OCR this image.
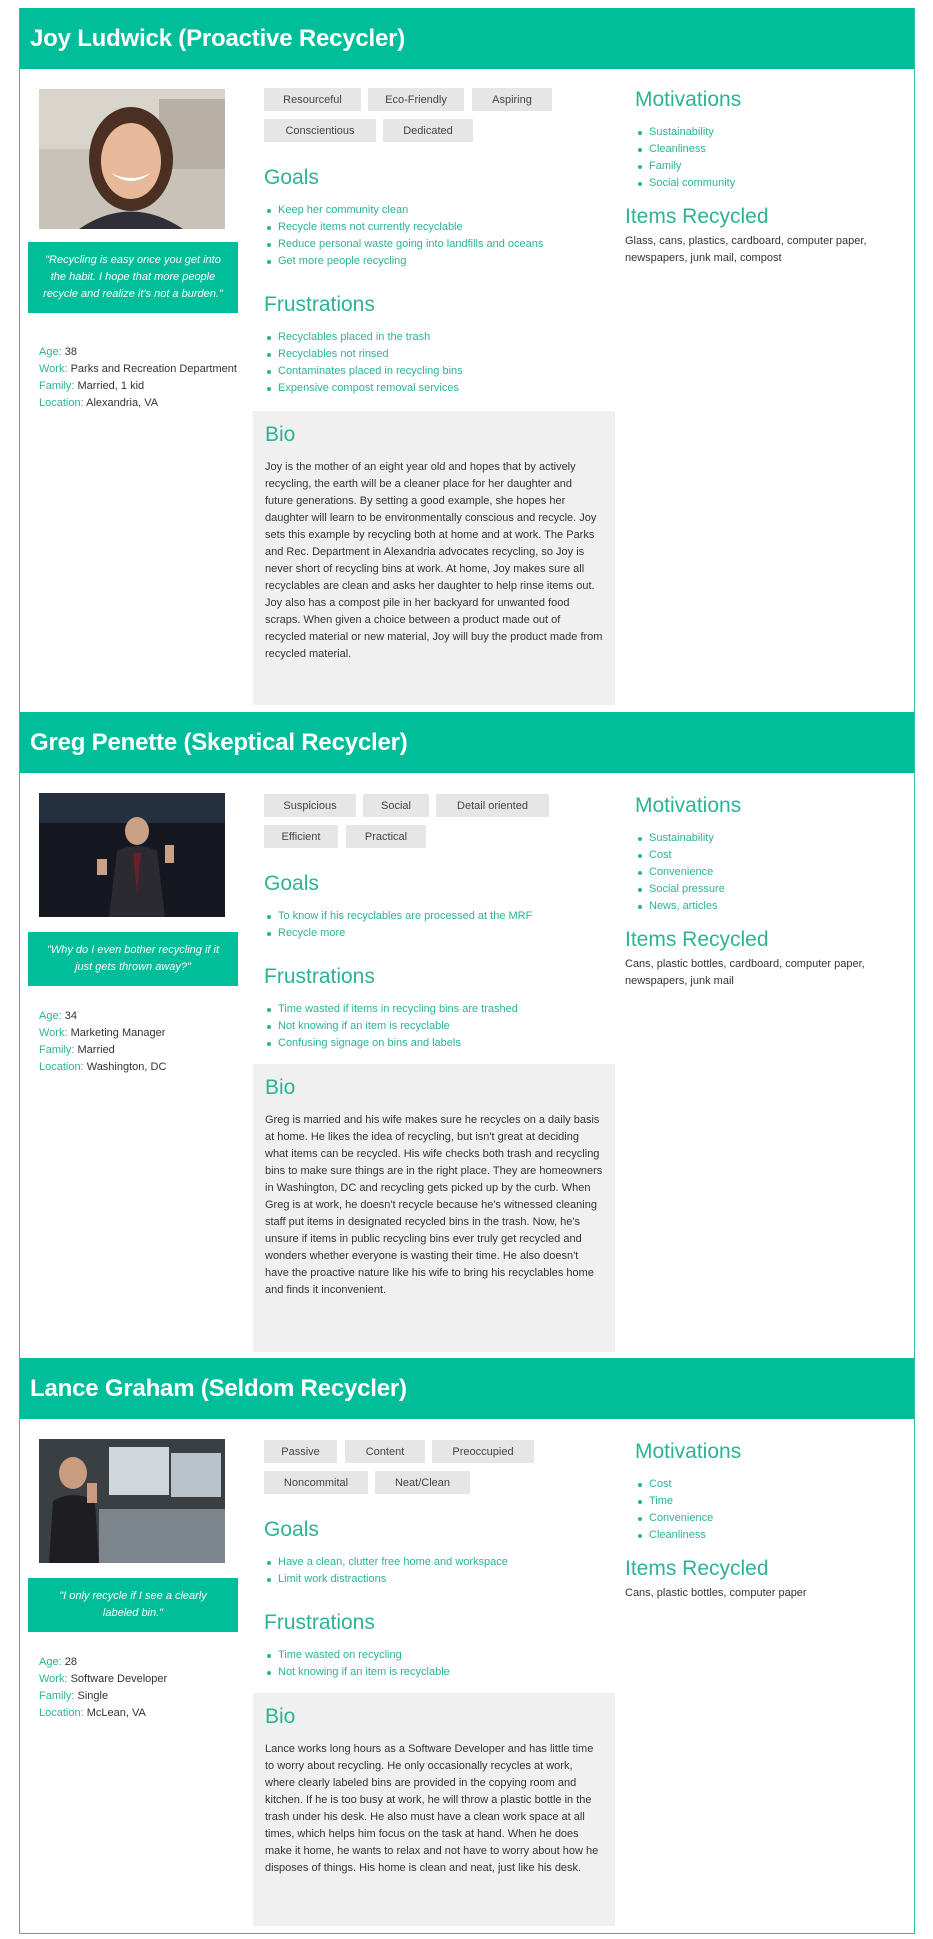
Joy Ludwick (Proactive Recycler)
"Recycling is easy once you get into the habit. I hope that more people recycle and realize it's not a burden."
Age: 38
Work: Parks and Recreation Department
Family: Married, 1 kid
Location: Alexandria, VA
Resourceful	Eco-Friendly	Aspiring
Conscientious	Dedicated
Goals
Keep her community clean
Recycle items not currently recyclable
Reduce personal waste going into landfills and oceans
Get more people recycling
Frustrations
Recyclables placed in the trash
Recyclables not rinsed
Contaminates placed in recycling bins
Expensive compost removal services
Bio

Joy is the mother of an eight year old and hopes that by actively recycling, the earth will be a cleaner place for her daughter and future generations. By setting a good example, she hopes her daughter will learn to be environmentally conscious and recycle. Joy sets this example by recycling both at home and at work. The Parks and Rec. Department in Alexandria advocates recycling, so Joy is never short of recycling bins at work. At home, Joy makes sure all recyclables are clean and asks her daughter to help rinse items out. Joy also has a compost pile in her backyard for unwanted food scraps. When given a choice between a product made out of recycled material or new material, Joy will buy the product made from recycled material.

Motivations
Sustainability
Cleanliness
Family
Social community
Items Recycled

Glass, cans, plastics, cardboard, computer paper, newspapers, junk mail, compost

Greg Penette (Skeptical Recycler)
"Why do I even bother recycling if it just gets thrown away?"
Age: 34
Work: Marketing Manager
Family: Married
Location: Washington, DC
Suspicious	Social	Detail oriented
Efficient	Practical
Goals
To know if his recyclables are processed at the MRF
Recycle more
Frustrations
Time wasted if items in recycling bins are trashed
Not knowing if an item is recyclable
Confusing signage on bins and labels
Bio

Greg is married and his wife makes sure he recycles on a daily basis at home. He likes the idea of recycling, but isn't great at deciding what items can be recycled. His wife checks both trash and recycling bins to make sure things are in the right place. They are homeowners in Washington, DC and recycling gets picked up by the curb. When Greg is at work, he doesn't recycle because he's witnessed cleaning staff put items in designated recycled bins in the trash. Now, he's unsure if items in public recycling bins ever truly get recycled and wonders whether everyone is wasting their time. He also doesn't have the proactive nature like his wife to bring his recyclables home and finds it inconvenient.

Motivations
Sustainability
Cost
Convenience
Social pressure
News, articles
Items Recycled

Cans, plastic bottles, cardboard, computer paper, newspapers, junk mail

Lance Graham (Seldom Recycler)
"I only recycle if I see a clearly labeled bin."
Age: 28
Work: Software Developer
Family: Single
Location: McLean, VA
Passive	Content	Preoccupied
Noncommital	Neat/Clean
Goals
Have a clean, clutter free home and workspace
Limit work distractions
Frustrations
Time wasted on recycling
Not knowing if an item is recyclable
Bio

Lance works long hours as a Software Developer and has little time to worry about recycling. He only occasionally recycles at work, where clearly labeled bins are provided in the copying room and kitchen. If he is too busy at work, he will throw a plastic bottle in the trash under his desk. He also must have a clean work space at all times, which helps him focus on the task at hand. When he does make it home, he wants to relax and not have to worry about how he disposes of things. His home is clean and neat, just like his desk.

Motivations
Cost
Time
Convenience
Cleanliness
Items Recycled

Cans, plastic bottles, computer paper
